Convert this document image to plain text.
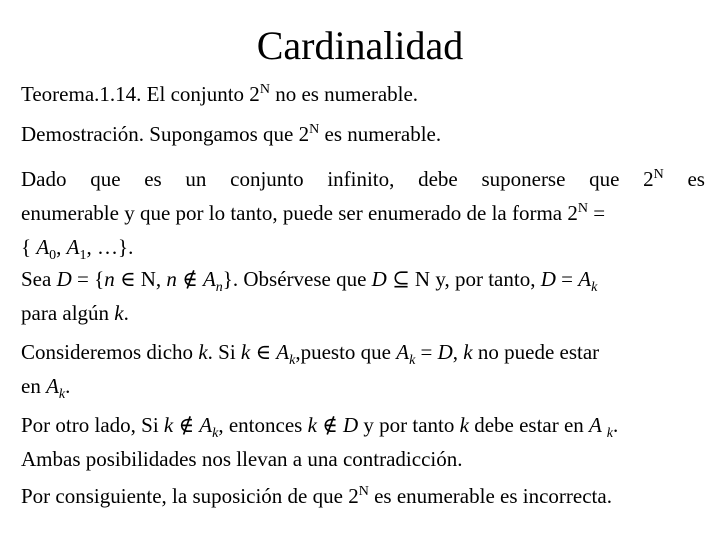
Cardinalidad
Teorema.1.14. El conjunto $2^N$ no es numerable.
Demostración. Supongamos que $2^N$ es numerable.
Dado que es un conjunto infinito, debe suponerse que $2^N$ es
enumerable y que por lo tanto, puede ser enumerado de la forma $2^N$ =
{ $A_0$, $A_1$, …}.
Sea D = {n ∈ N, n ∉ $A_n$}. Obsérvese que D ⊆ N y, por tanto, $D = A_k$
para algún k.
Consideremos dicho k. Si k ∈ $A_k,puesto$ que $A_k = D$, k no puede estar
en $A_k$.
Por otro lado, Si k ∉ $A_k$, entonces k ∉ D y por tanto k debe estar en A $_k$.
Ambas posibilidades nos llevan a una contradicción.
Por consiguiente, la suposición de que $2^N$ es enumerable es incorrecta.
